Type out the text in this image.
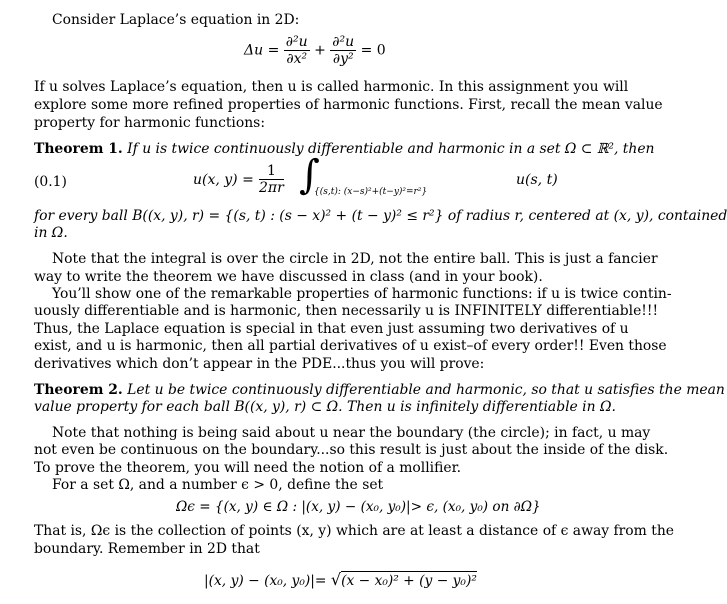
Consider Laplace’s equation in 2D:
$\Delta u = \frac{\text{∂²u}}{\text{∂x²}} + \frac{\text{∂²u}}{\text{∂y²}} = 0$
If u solves Laplace’s equation, then u is called harmonic. In this assignment you will
explore some more refined properties of harmonic functions. First, recall the mean value
property for harmonic functions:
Theorem 1. If u is twice continuously differentiable and harmonic in a set Ω ⊂ ℝ², then
(0.1)	u(x, $y) = \frac{1}{2\pi r}$ ∫
{(s,t): (x−s)²+(t−y)²=r²}
u(s, t)
for every ball B((x, y), r) = {(s, t) : (s − x)² + (t − y)² ≤ r²} of radius r, centered at (x, y), contained
in Ω.
Note that the integral is over the circle in 2D, not the entire ball. This is just a fancier
way to write the theorem we have discussed in class (and in your book).
You’ll show one of the remarkable properties of harmonic functions: if u is twice contin-
uously differentiable and is harmonic, then necessarily u is INFINITELY differentiable!!!
Thus, the Laplace equation is special in that even just assuming two derivatives of u
exist, and u is harmonic, then all partial derivatives of u exist–of every order!! Even those
derivatives which don’t appear in the PDE...thus you will prove:
Theorem 2. Let u be twice continuously differentiable and harmonic, so that u satisfies the mean
value property for each ball B((x, y), r) ⊂ Ω. Then u is infinitely differentiable in Ω.
Note that nothing is being said about u near the boundary (the circle); in fact, u may
not even be continuous on the boundary...so this result is just about the inside of the disk.
To prove the theorem, you will need the notion of a mollifier.
For a set Ω, and a number ϵ > 0, define the set
Ωϵ = {(x, y) ∈ Ω : |(x, y) − (x₀, y₀)|> ϵ, (x₀, y₀) on ∂Ω}
That is, Ωϵ is the collection of points (x, y) which are at least a distance of ϵ away from the
boundary. Remember in 2D that
|(x, y) − (x₀, y₀)|= √(x − x₀)² + (y − y₀)²
